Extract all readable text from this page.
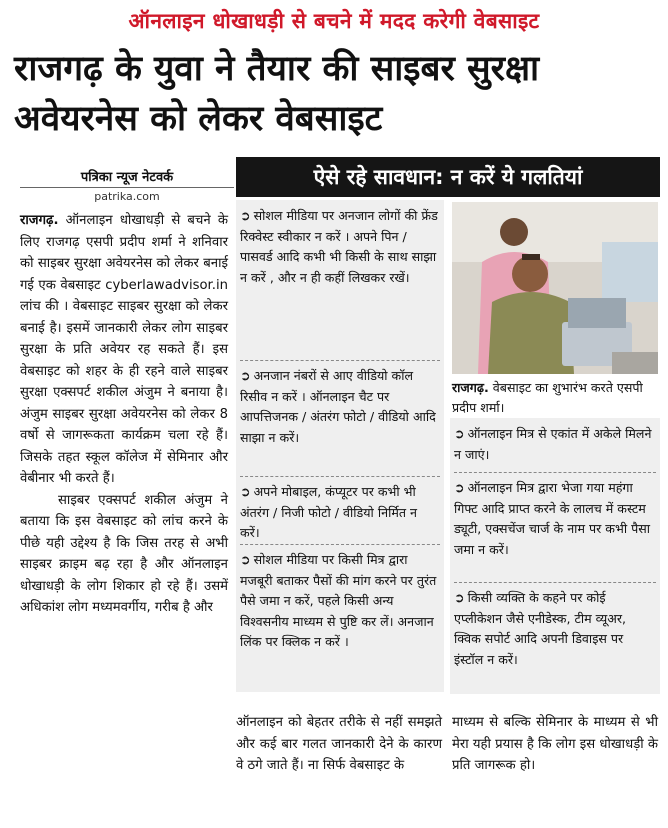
ऑनलाइन धोखाधड़ी से बचने में मदद करेगी वेबसाइट
राजगढ़ के युवा ने तैयार की साइबर सुरक्षा अवेयरनेस को लेकर वेबसाइट
पत्रिका न्यूज नेटवर्क
patrika.com

राजगढ़. ऑनलाइन धोखाधड़ी से बचने के लिए राजगढ़ एसपी प्रदीप शर्मा ने शनिवार को साइबर सुरक्षा अवेयरनेस को लेकर बनाई गई एक वेबसाइट cyberlawadvisor.in लांच की । वेबसाइट साइबर सुरक्षा को लेकर बनाई है। इसमें जानकारी लेकर लोग साइबर सुरक्षा के प्रति अवेयर रह सकते हैं। इस वेबसाइट को शहर के ही रहने वाले साइबर सुरक्षा एक्सपर्ट शकील अंजुम ने बनाया है। अंजुम साइबर सुरक्षा अवेयरनेस को लेकर 8 वर्षो से जागरूकता कार्यक्रम चला रहे हैं। जिसके तहत स्कूल कॉलेज में सेमिनार और वेबीनार भी करते हैं।

साइबर एक्सपर्ट शकील अंजुम ने बताया कि इस वेबसाइट को लांच करने के पीछे यही उद्देश्य है कि जिस तरह से अभी साइबर क्राइम बढ़ रहा है और ऑनलाइन धोखाधड़ी के लोग शिकार हो रहे हैं। उसमें अधिकांश लोग मध्यमवर्गीय, गरीब है और

ऐसे रहे सावधान: न करें ये गलतियां
➲ सोशल मीडिया पर अनजान लोगों की फ्रेंड रिक्वेस्ट स्वीकार न करें । अपने पिन / पासवर्ड आदि कभी भी किसी के साथ साझा न करें , और न ही कहीं लिखकर रखें।
➲ अनजान नंबरों से आए वीडियो कॉल रिसीव न करें । ऑनलाइन चैट पर आपत्तिजनक / अंतरंग फोटो / वीडियो आदि साझा न करें।
➲ अपने मोबाइल, कंप्यूटर पर कभी भी अंतरंग / निजी फोटो / वीडियो निर्मित न करें।
➲ सोशल मीडिया पर किसी मित्र द्वारा मजबूरी बताकर पैसों की मांग करने पर तुरंत पैसे जमा न करें, पहले किसी अन्य विश्वसनीय माध्यम से पुष्टि कर लें। अनजान लिंक पर क्लिक न करें ।
राजगढ़. वेबसाइट का शुभारंभ करते एसपी प्रदीप शर्मा।
➲ ऑनलाइन मित्र से एकांत में अकेले मिलने न जाएं।
➲ ऑनलाइन मित्र द्वारा भेजा गया महंगा गिफ्ट आदि प्राप्त करने के लालच में कस्टम ड्यूटी, एक्सचेंज चार्ज के नाम पर कभी पैसा जमा न करें।
➲ किसी व्यक्ति के कहने पर कोई एप्लीकेशन जैसे एनीडेस्क, टीम व्यूअर, क्विक सपोर्ट आदि अपनी डिवाइस पर इंस्टॉल न करें।
ऑनलाइन को बेहतर तरीके से नहीं समझते और कई बार गलत जानकारी देने के कारण वे ठगे जाते हैं। ना सिर्फ वेबसाइट के
माध्यम से बल्कि सेमिनार के माध्यम से भी मेरा यही प्रयास है कि लोग इस धोखाधड़ी के प्रति जागरूक हो।
